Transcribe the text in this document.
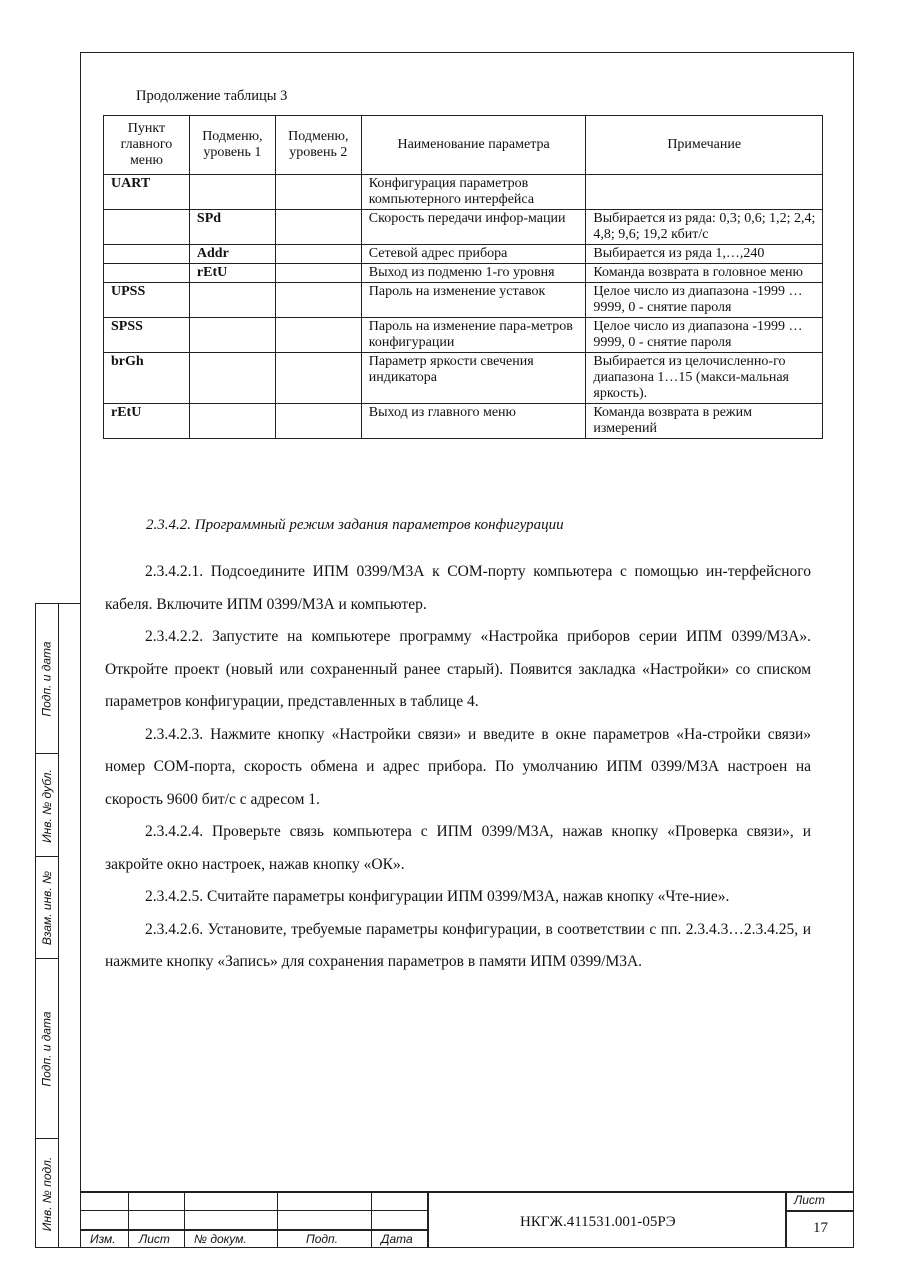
Продолжение таблицы 3
Пункт главного меню	Подменю, уровень 1	Подменю, уровень 2	Наименование параметра	Примечание
UART			Конфигурация параметров компьютерного интерфейса	
	SPd		Скорость передачи инфор-мации	Выбирается из ряда: 0,3; 0,6; 1,2; 2,4; 4,8; 9,6; 19,2 кбит/с
	Addr		Сетевой адрес прибора	Выбирается из ряда 1,…,240
	rEtU		Выход из подменю 1-го уровня	Команда возврата в головное меню
UPSS			Пароль на изменение уставок	Целое число из диапазона -1999 … 9999, 0 - снятие пароля
SPSS			Пароль на изменение пара-метров конфигурации	Целое число из диапазона -1999 … 9999, 0 - снятие пароля
brGh			Параметр яркости свечения индикатора	Выбирается из целочисленно-го диапазона 1…15 (макси-мальная яркость).
rEtU			Выход из главного меню	Команда возврата в режим измерений
2.3.4.2. Программный режим задания параметров конфигурации

2.3.4.2.1. Подсоедините ИПМ 0399/М3А к COM-порту компьютера с помощью ин-терфейсного кабеля. Включите ИПМ 0399/М3А и компьютер.

2.3.4.2.2. Запустите на компьютере программу «Настройка приборов серии ИПМ 0399/М3А». Откройте проект (новый или сохраненный ранее старый). Появится закладка «Настройки» со списком параметров конфигурации, представленных в таблице 4.

2.3.4.2.3. Нажмите кнопку «Настройки связи» и введите в окне параметров «На-стройки связи» номер COM-порта, скорость обмена и адрес прибора. По умолчанию ИПМ 0399/М3А настроен на скорость 9600 бит/с с адресом 1.

2.3.4.2.4. Проверьте связь компьютера с ИПМ 0399/М3А, нажав кнопку «Проверка связи», и закройте окно настроек, нажав кнопку «ОК».

2.3.4.2.5. Считайте параметры конфигурации ИПМ 0399/М3А, нажав кнопку «Чте-ние».

2.3.4.2.6. Установите, требуемые параметры конфигурации, в соответствии с пп. 2.3.4.3…2.3.4.25, и нажмите кнопку «Запись» для сохранения параметров в памяти ИПМ 0399/М3А.

Подп. и дата
Инв. № дубл.
Взам. инв. №
Подп. и дата
Инв. № подл.
Изм. Лист № докум.	Подп.	Дата
НКГЖ.411531.001-05РЭ
Лист
17
